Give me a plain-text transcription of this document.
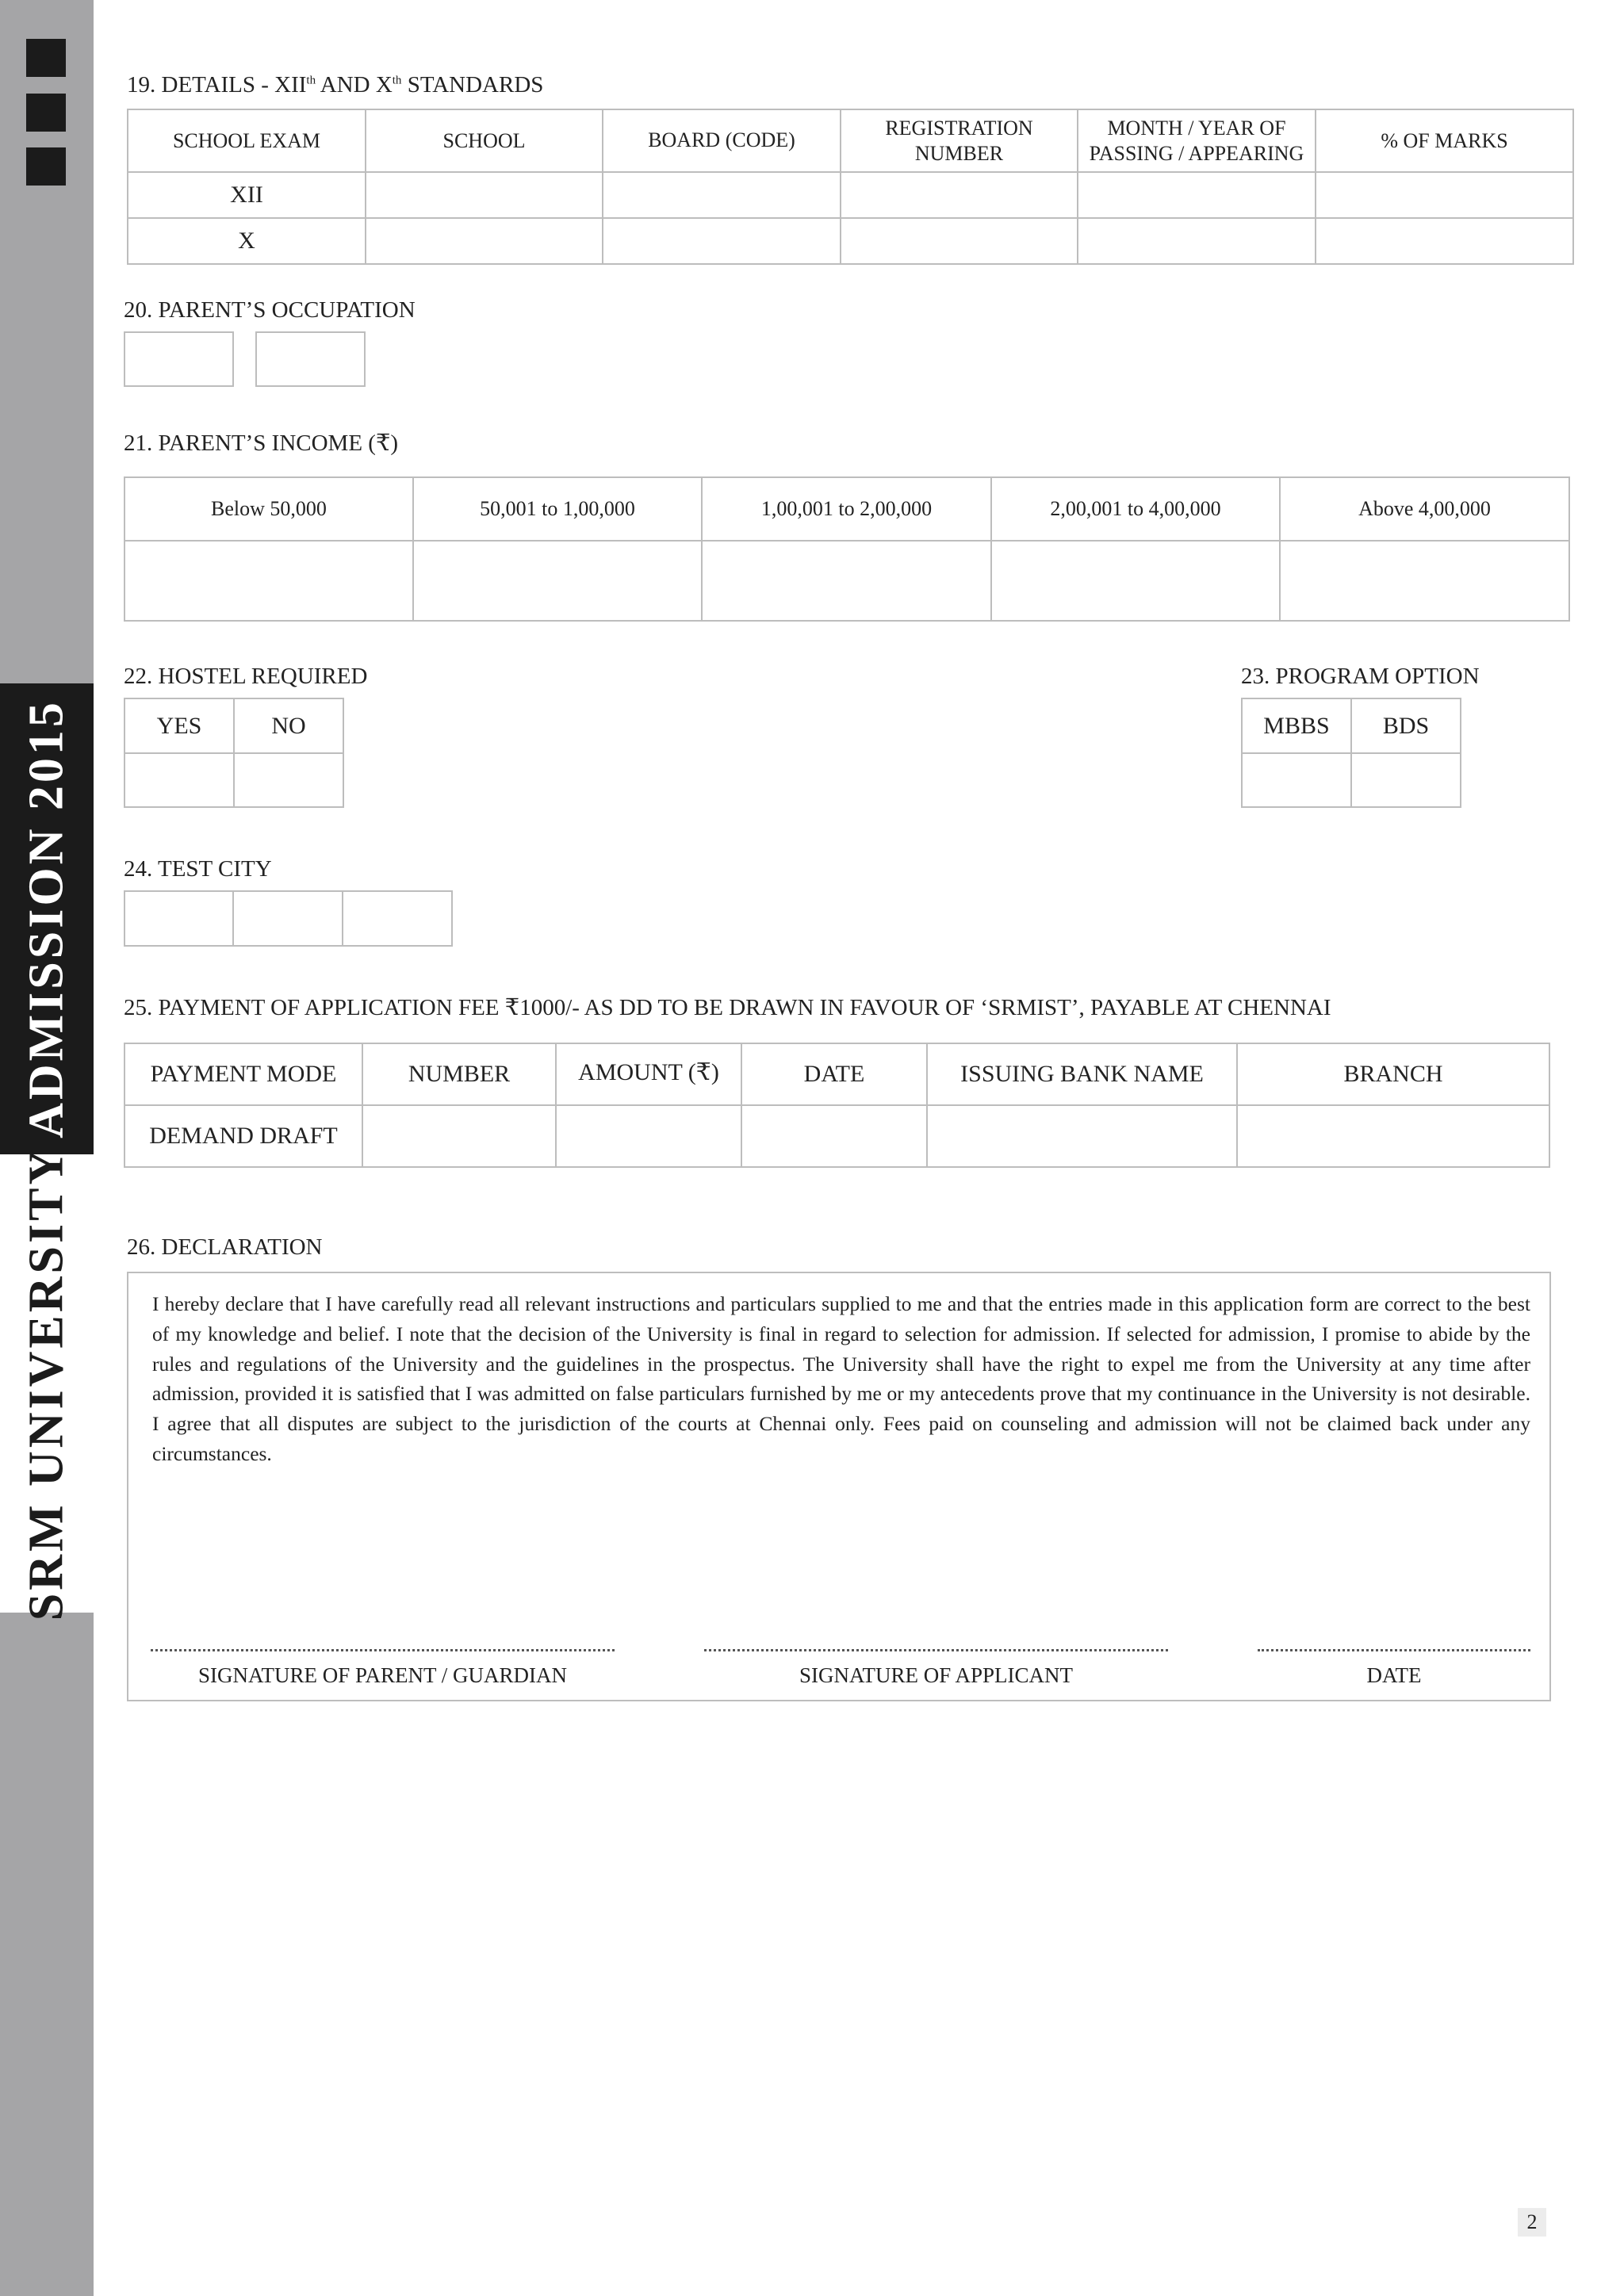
ADMISSION 2015
SRM UNIVERSITY
19. DETAILS - XIIth AND Xth STANDARDS
SCHOOL EXAM	SCHOOL	BOARD (CODE)	REGISTRATION NUMBER	MONTH / YEAR OF PASSING / APPEARING	% OF MARKS
XII					
X					
20. PARENT’S OCCUPATION
21. PARENT’S INCOME (₹)
Below 50,000	50,001 to 1,00,000	1,00,001 to 2,00,000	2,00,001 to 4,00,000	Above 4,00,000

22. HOSTEL REQUIRED
YES	NO

23. PROGRAM OPTION
MBBS	BDS

24. TEST CITY

25. PAYMENT OF APPLICATION FEE ₹1000/- AS DD TO BE DRAWN IN FAVOUR OF ‘SRMIST’, PAYABLE AT CHENNAI
PAYMENT MODE	NUMBER	AMOUNT (₹)	DATE	ISSUING BANK NAME	BRANCH
DEMAND DRAFT					
26. DECLARATION
I hereby declare that I have carefully read all relevant instructions and particulars supplied to me and that the entries made in this application form are correct to the best of my knowledge and belief. I note that the decision of the University is final in regard to selection for admission. If selected for admission, I promise to abide by the rules and regulations of the University and the guidelines in the prospectus. The University shall have the right to expel me from the University at any time after admission, provided it is satisfied that I was admitted on false particulars furnished by me or my antecedents prove that my continuance in the University is not desirable. I agree that all disputes are subject to the jurisdiction of the courts at Chennai only. Fees paid on counseling and admission will not be claimed back under any circumstances.
SIGNATURE OF PARENT / GUARDIAN	SIGNATURE OF APPLICANT	DATE
2
